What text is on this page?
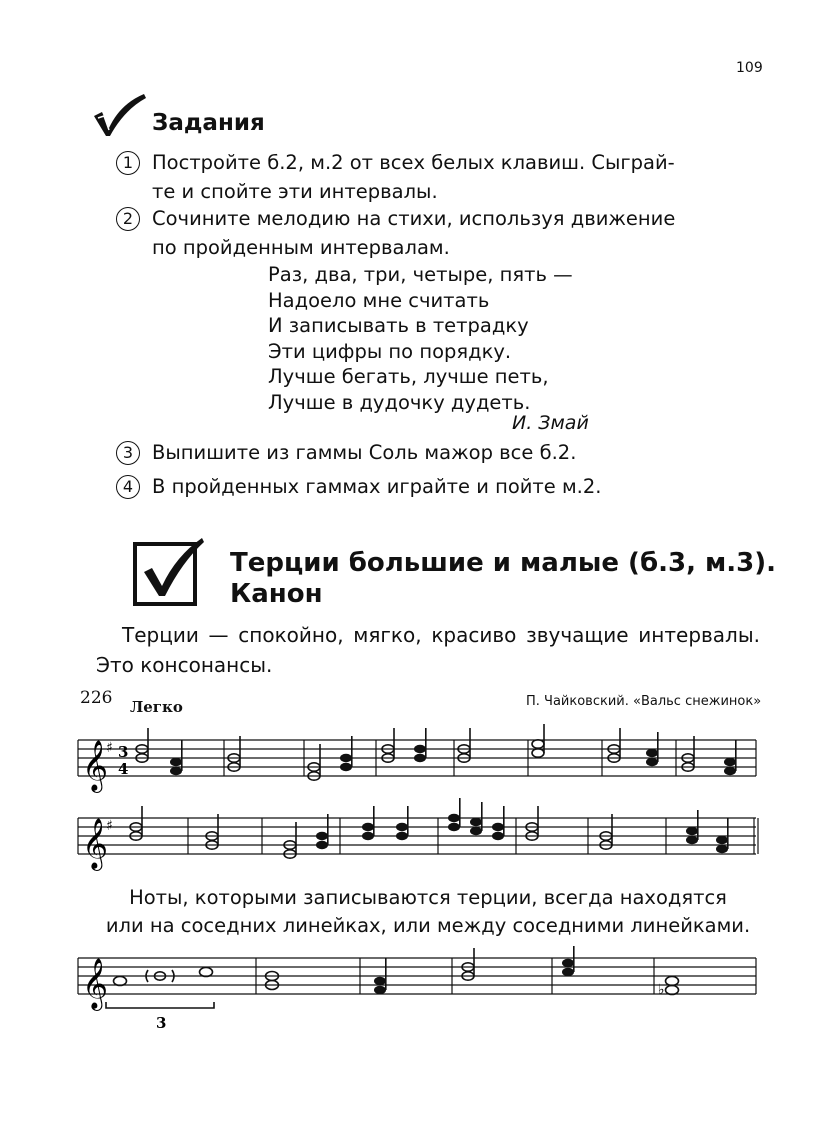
109
Задания
1 Постройте б.2, м.2 от всех белых клавиш. Сыграй-
те и спойте эти интервалы.
2 Сочините мелодию на стихи, используя движение
по пройденным интервалам.
Раз, два, три, четыре, пять —
Надоело мне считать
И записывать в тетрадку
Эти цифры по порядку.
Лучше бегать, лучше петь,
Лучше в дудочку дудеть.
И. Змай
3 Выпишите из гаммы Соль мажор все б.2.
4 В пройденных гаммах играйте и пойте м.2.
Терции большие и малые (б.3, м.3).
Канон
Терции — спокойно, мягко, красиво звучащие интервалы. Это консонансы.
226 Легко	П. Чайковский. «Вальс снежинок»
𝄞
♯ 3
4
𝄞
♯
Ноты, которыми записываются терции, всегда находятся
или на соседних линейках, или между соседними линейками.
𝄞	♭
3
